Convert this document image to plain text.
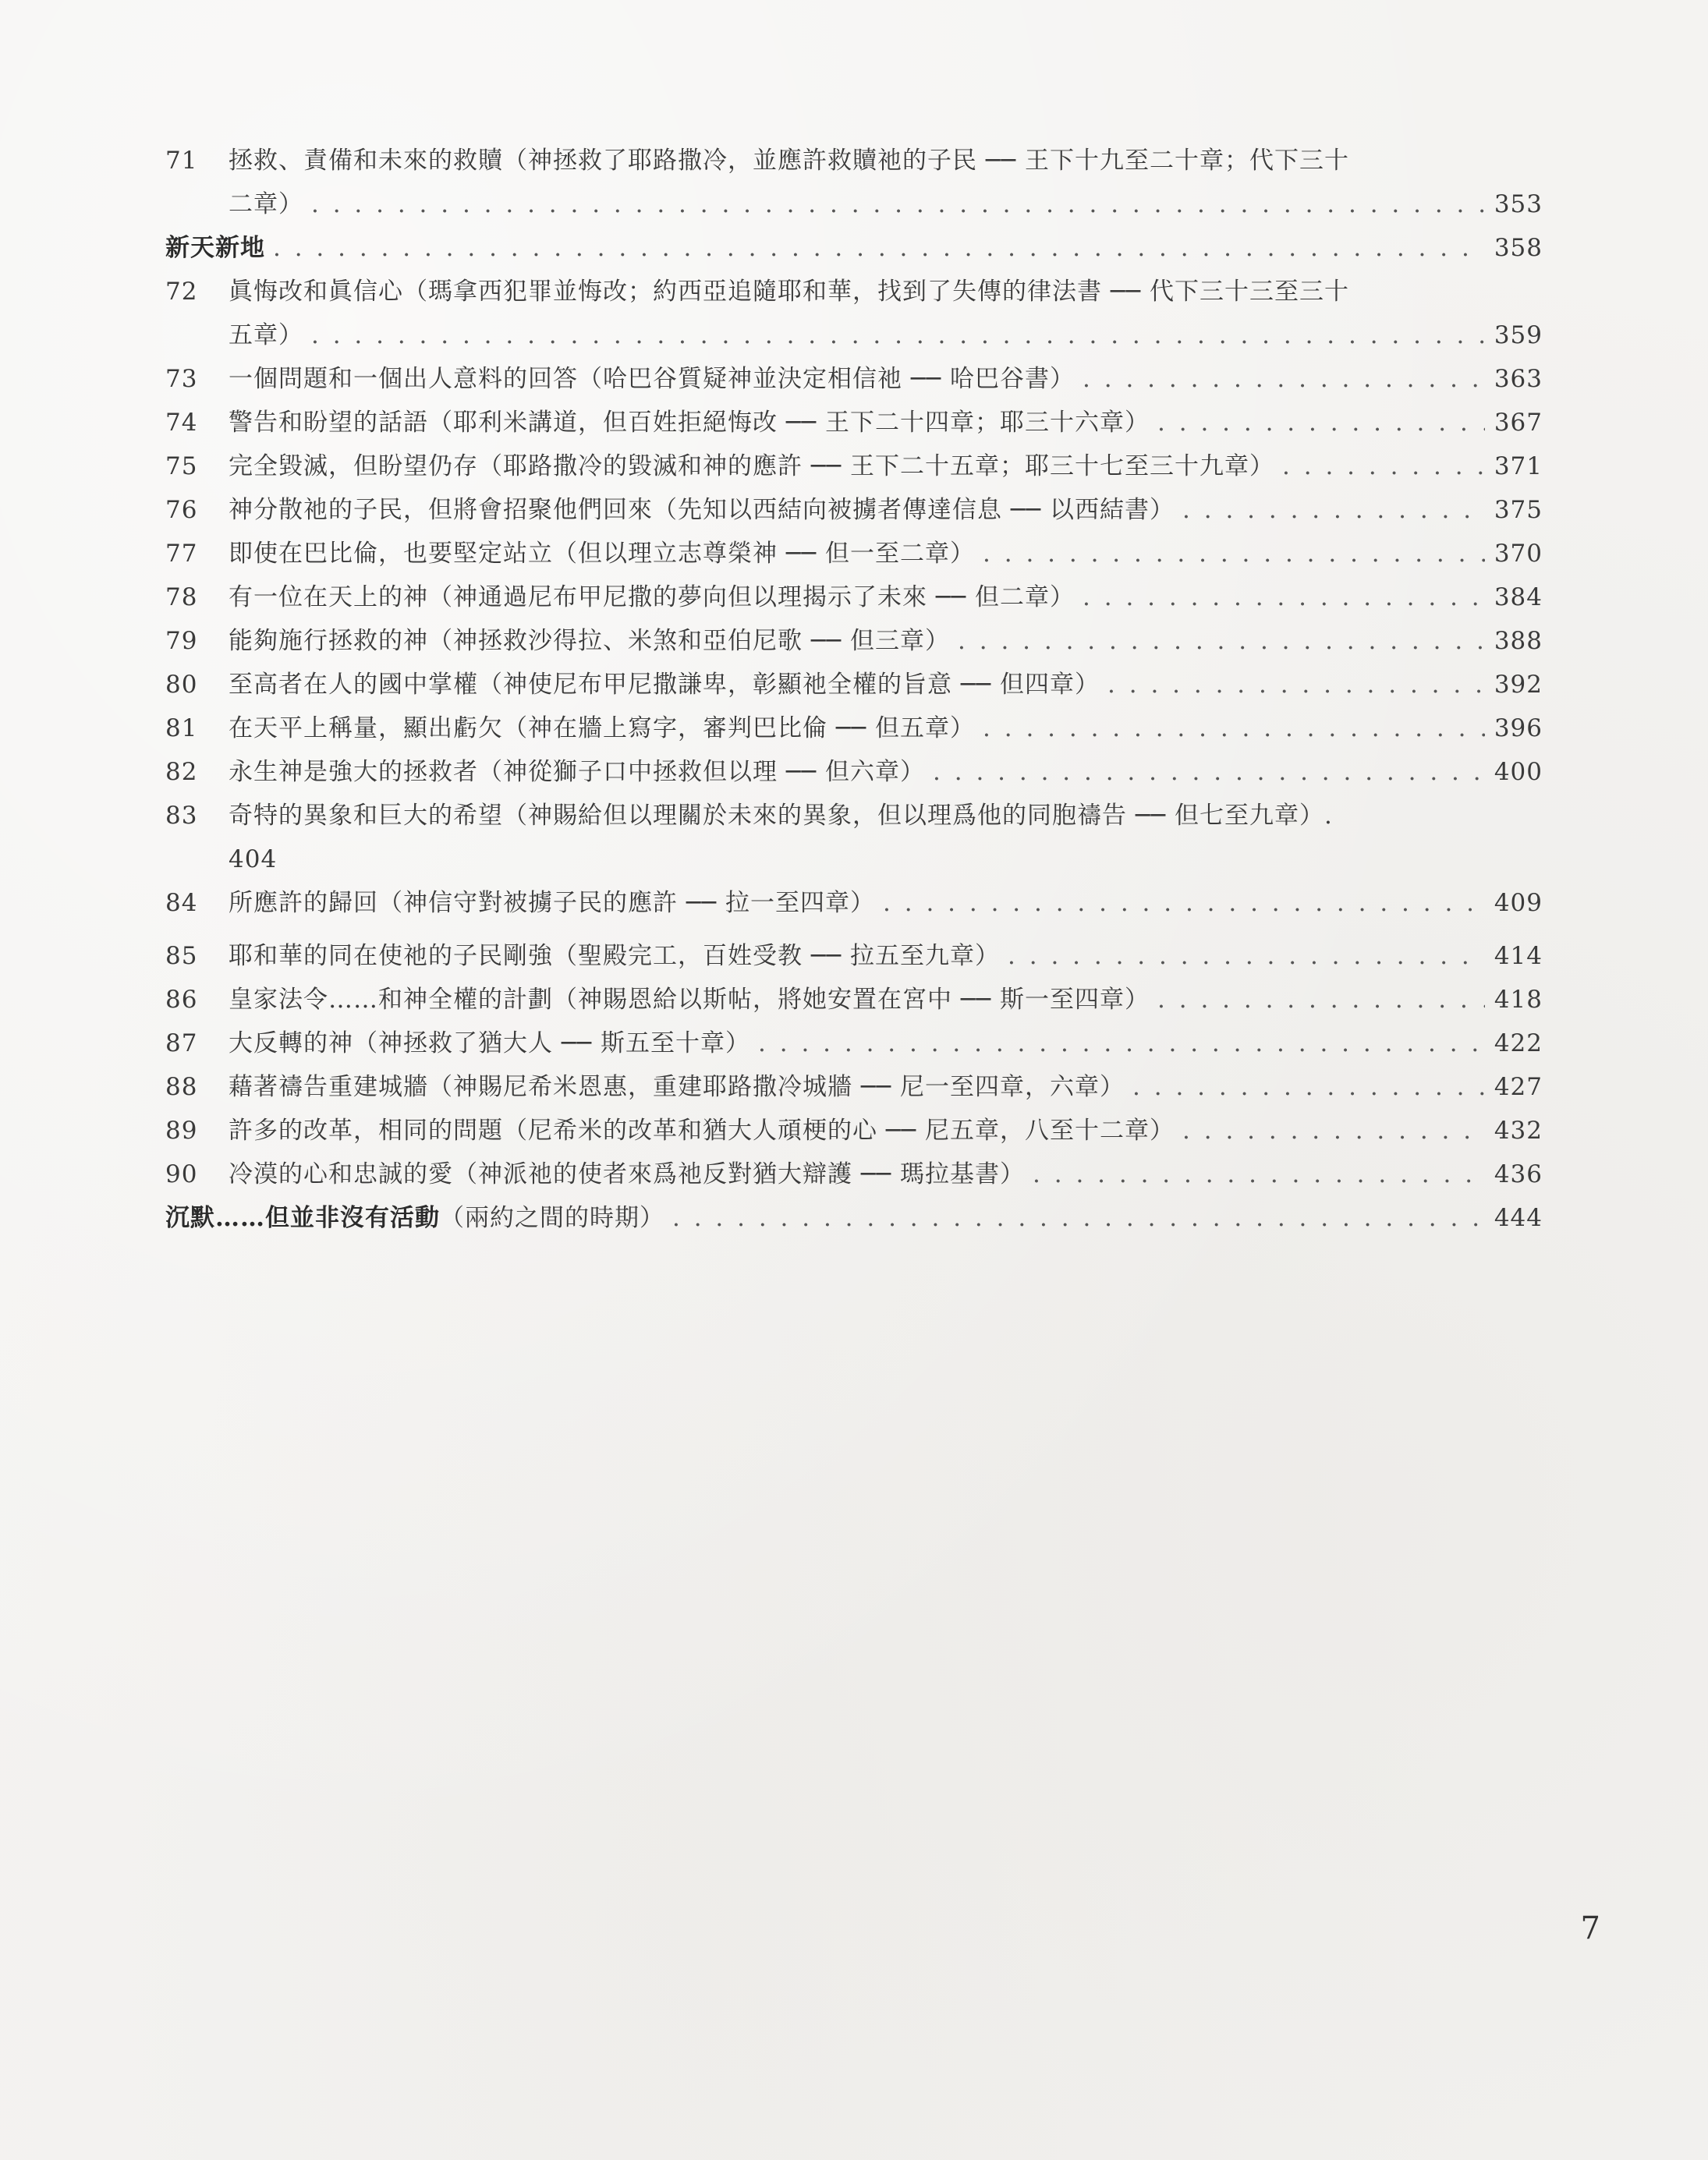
71	拯救、責備和未來的救贖（神拯救了耶路撒冷，並應許救贖祂的子民 ── 王下十九至二十章；代下三十
二章） . . .	353
新天新地 . . .	358
72	眞悔改和眞信心（瑪拿西犯罪並悔改；約西亞追隨耶和華，找到了失傳的律法書 ── 代下三十三至三十
五章） . . .	359
73	一個問題和一個出人意料的回答（哈巴谷質疑神並決定相信祂 ── 哈巴谷書） . . .	363
74	警告和盼望的話語（耶利米講道，但百姓拒絕悔改 ── 王下二十四章；耶三十六章） . . .	367
75	完全毀滅，但盼望仍存（耶路撒冷的毀滅和神的應許 ── 王下二十五章；耶三十七至三十九章） . . .	371
76	神分散祂的子民，但將會招聚他們回來（先知以西結向被擄者傳達信息 ── 以西結書） . . .	375
77	即使在巴比倫，也要堅定站立（但以理立志尊榮神 ── 但一至二章） . . .	370
78	有一位在天上的神（神通過尼布甲尼撒的夢向但以理揭示了未來 ── 但二章） . . .	384
79	能夠施行拯救的神（神拯救沙得拉、米煞和亞伯尼歌 ── 但三章） . . .	388
80	至高者在人的國中掌權（神使尼布甲尼撒謙卑，彰顯祂全權的旨意 ── 但四章） . . .	392
81	在天平上稱量，顯出虧欠（神在牆上寫字，審判巴比倫 ── 但五章） . . .	396
82	永生神是強大的拯救者（神從獅子口中拯救但以理 ── 但六章） . . .	400
83	奇特的異象和巨大的希望（神賜給但以理關於未來的異象，但以理爲他的同胞禱告 ── 但七至九章）.
404
84	所應許的歸回（神信守對被擄子民的應許 ── 拉一至四章） . . .	409
85	耶和華的同在使祂的子民剛強（聖殿完工，百姓受教 ── 拉五至九章） . . .	414
86	皇家法令……和神全權的計劃（神賜恩給以斯帖，將她安置在宮中 ── 斯一至四章） . . .	418
87	大反轉的神（神拯救了猶大人 ── 斯五至十章） . . .	422
88	藉著禱告重建城牆（神賜尼希米恩惠，重建耶路撒冷城牆 ── 尼一至四章，六章） . . .	427
89	許多的改革，相同的問題（尼希米的改革和猶大人頑梗的心 ── 尼五章，八至十二章） . . .	432
90	冷漠的心和忠誠的愛（神派祂的使者來爲祂反對猶大辯護 ── 瑪拉基書） . . .	436
沉默……但並非沒有活動（兩約之間的時期） . . .	444
7
